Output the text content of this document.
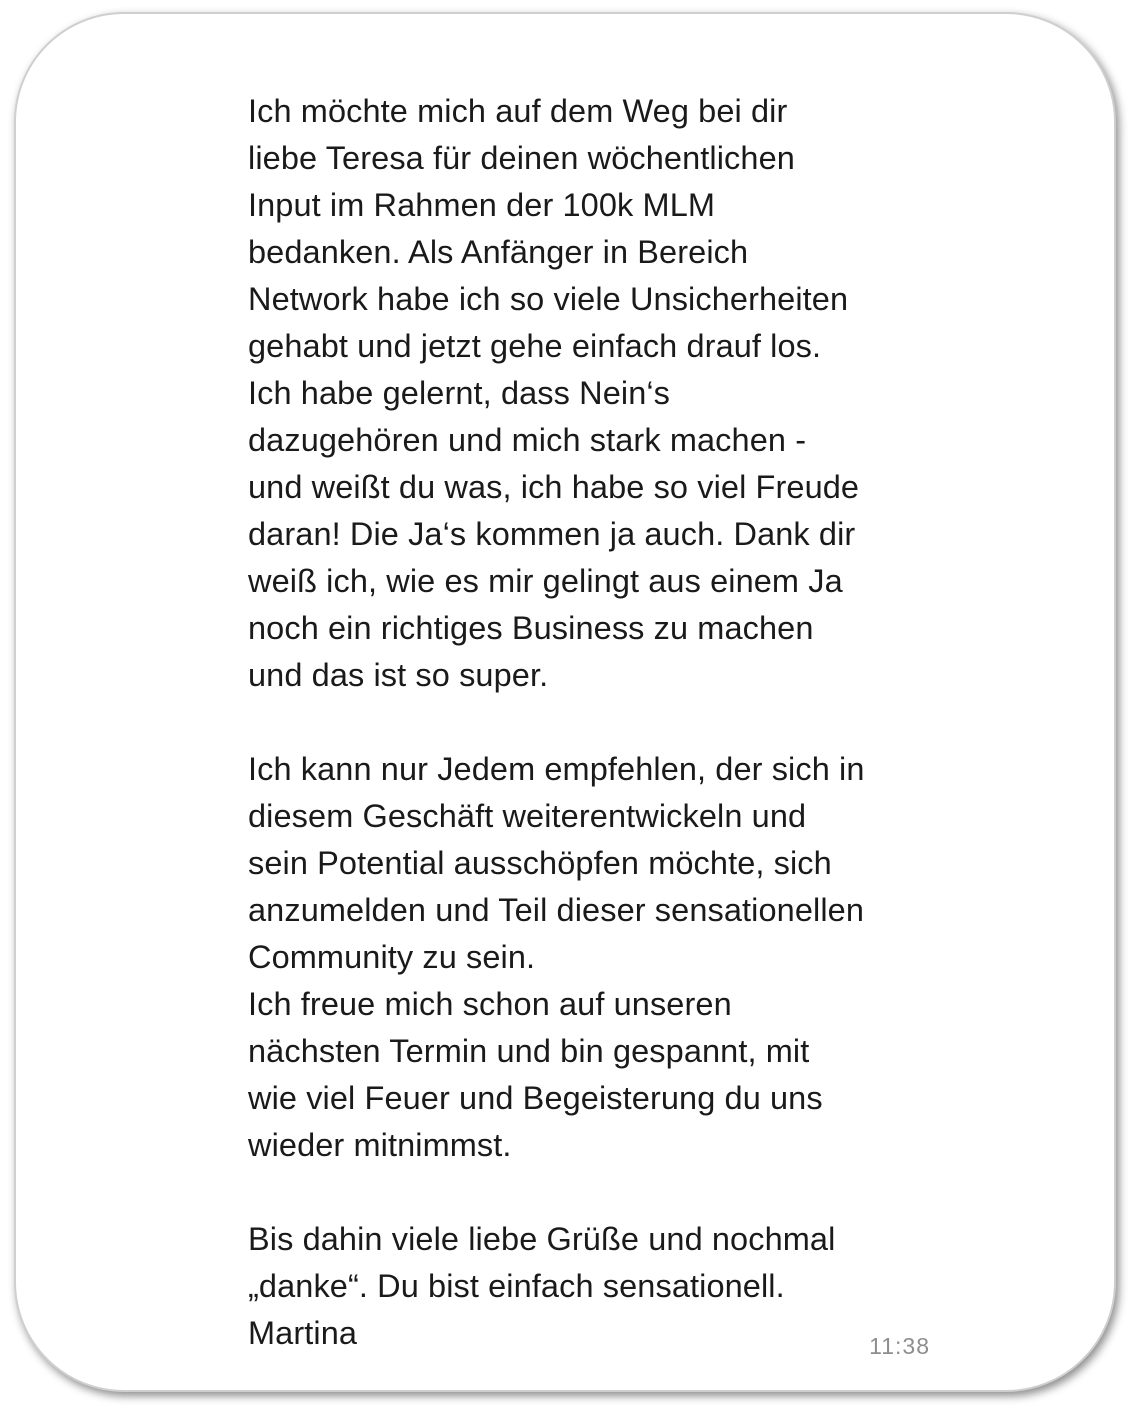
Ich möchte mich auf dem Weg bei dir
liebe Teresa für deinen wöchentlichen
Input im Rahmen der 100k MLM
bedanken. Als Anfänger in Bereich
Network habe ich so viele Unsicherheiten
gehabt und jetzt gehe einfach drauf los.
Ich habe gelernt, dass Nein‘s
dazugehören und mich stark machen -
und weißt du was, ich habe so viel Freude
daran! Die Ja‘s kommen ja auch. Dank dir
weiß ich, wie es mir gelingt aus einem Ja
noch ein richtiges Business zu machen
und das ist so super.
Ich kann nur Jedem empfehlen, der sich in
diesem Geschäft weiterentwickeln und
sein Potential ausschöpfen möchte, sich
anzumelden und Teil dieser sensationellen
Community zu sein.
Ich freue mich schon auf unseren
nächsten Termin und bin gespannt, mit
wie viel Feuer und Begeisterung du uns
wieder mitnimmst.
Bis dahin viele liebe Grüße und nochmal
„danke“. Du bist einfach sensationell.
Martina	11:38
